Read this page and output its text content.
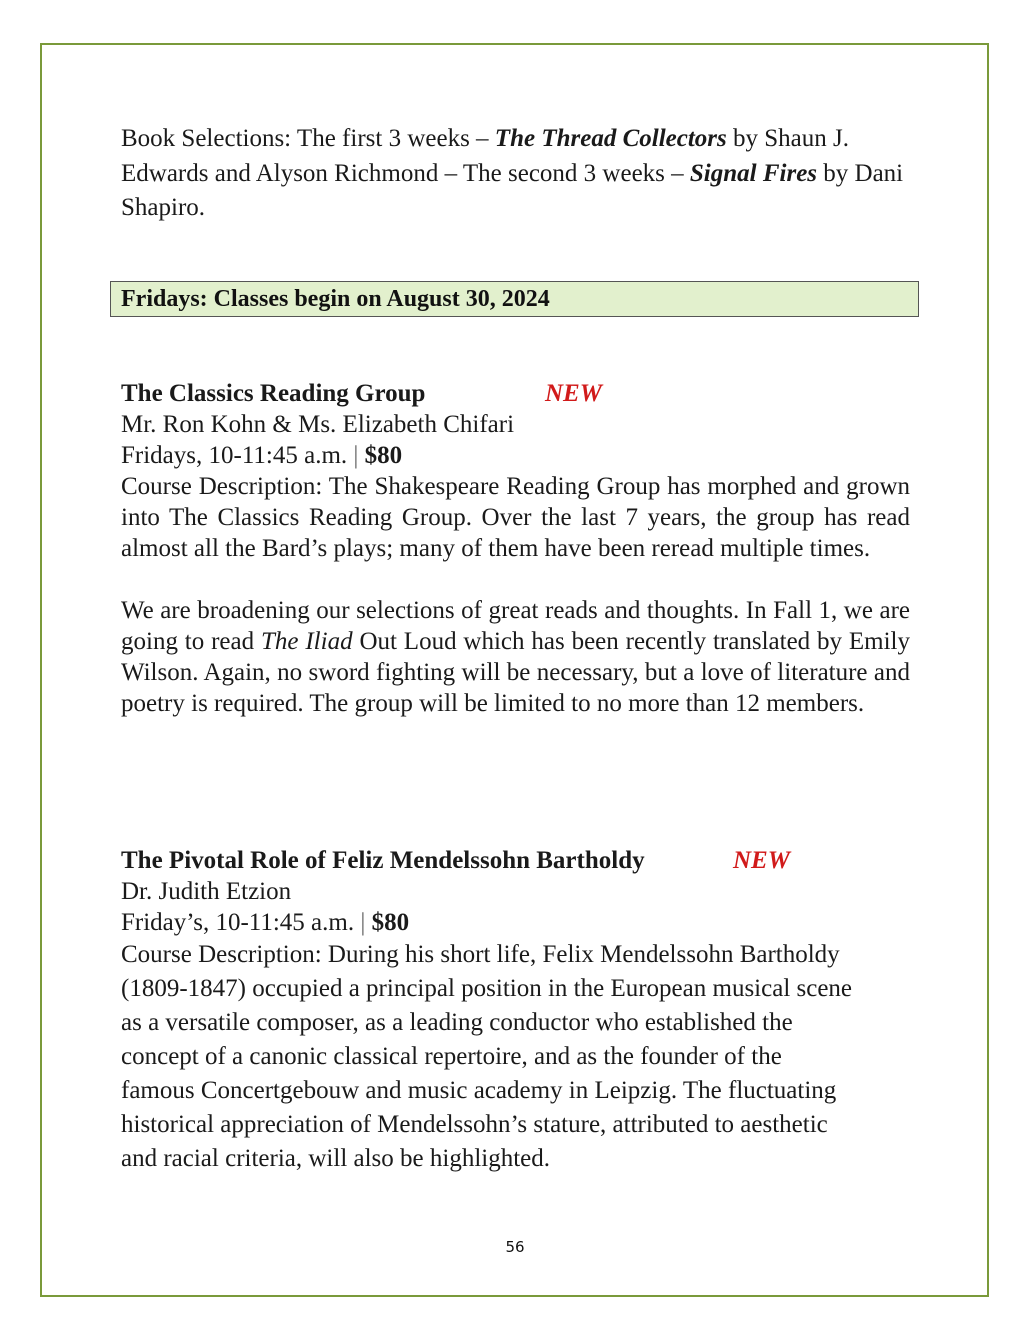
Book Selections: The first 3 weeks – The Thread Collectors by Shaun J. Edwards and Alyson Richmond – The second 3 weeks – Signal Fires by Dani Shapiro.
Fridays: Classes begin on August 30, 2024
The Classics Reading Group	NEW
Mr. Ron Kohn & Ms. Elizabeth Chifari
Fridays, 10-11:45 a.m. | $80
Course Description: The Shakespeare Reading Group has morphed and grown into The Classics Reading Group. Over the last 7 years, the group has read almost all the Bard’s plays; many of them have been reread multiple times.
We are broadening our selections of great reads and thoughts. In Fall 1, we are going to read The Iliad Out Loud which has been recently translated by Emily Wilson. Again, no sword fighting will be necessary, but a love of literature and poetry is required. The group will be limited to no more than 12 members.
The Pivotal Role of Feliz Mendelssohn Bartholdy	NEW
Dr. Judith Etzion
Friday’s, 10-11:45 a.m. | $80
Course Description: During his short life, Felix Mendelssohn Bartholdy
(1809-1847) occupied a principal position in the European musical scene
as a versatile composer, as a leading conductor who established the
concept of a canonic classical repertoire, and as the founder of the
famous Concertgebouw and music academy in Leipzig. The fluctuating
historical appreciation of Mendelssohn’s stature, attributed to aesthetic
and racial criteria, will also be highlighted.
56
